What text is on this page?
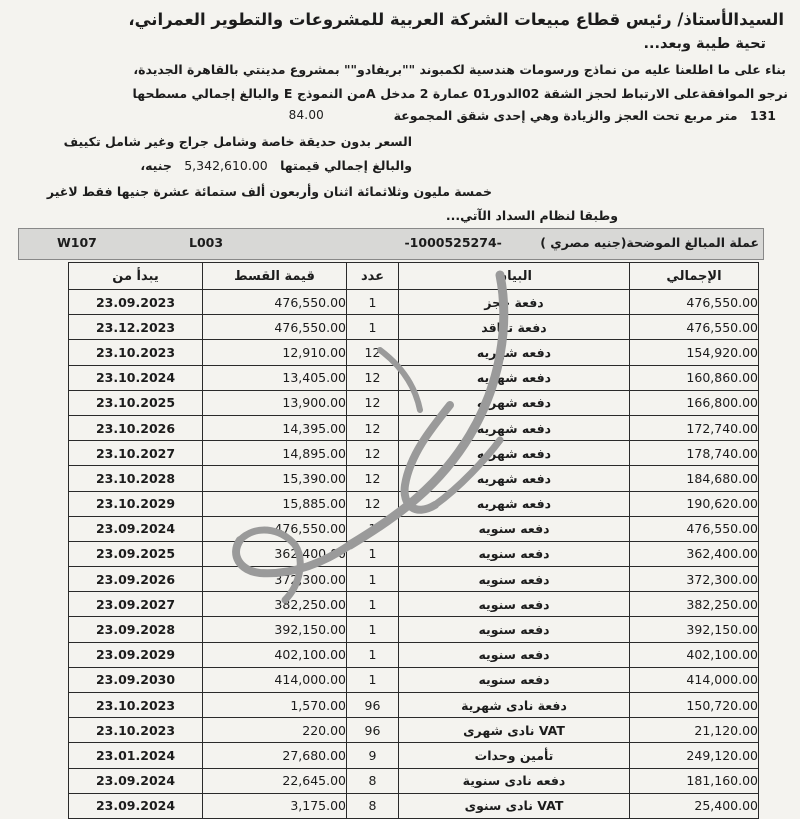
السيدالأستاذ/ رئيس قطاع مبيعات الشركة العربية للمشروعات والتطوير العمراني،
تحية طيبة وبعد...
بناء على ما اطلعنا عليه من نماذج ورسومات هندسية لكمبوند ""بريفادو"" بمشروع مدينتي بالقاهرة الجديدة،
نرجو الموافقةعلى الارتباط لحجز الشقة 02الدور01 عمارة 2 مدخل Aمن النموذج E والبالغ إجمالي مسطحها
131 متر مربع تحت العجز والزيادة وهي إحدى شقق المجموعة
84.00
السعر بدون حديقة خاصة وشامل جراج وغير شامل تكييف
والبالغ إجمالي قيمتها 5,342,610.00 جنيه،
خمسة مليون وثلاثمائة اثنان وأربعون ألف ستمائة عشرة جنيها فقط لاغير
وطبقا لنظام السداد الآتي...
W107	L003	عملة المبالغ الموضحة(جنيه مصري ) -1000525274-
يبدأ من	قيمة القسط	عدد	البيان	الإجمالي
23.09.2023	476,550.00	1	دفعة حجز	476,550.00
23.12.2023	476,550.00	1	دفعة تعاقد	476,550.00
23.10.2023	12,910.00	12	دفعه شهريه	154,920.00
23.10.2024	13,405.00	12	دفعه شهريه	160,860.00
23.10.2025	13,900.00	12	دفعه شهريه	166,800.00
23.10.2026	14,395.00	12	دفعه شهريه	172,740.00
23.10.2027	14,895.00	12	دفعه شهريه	178,740.00
23.10.2028	15,390.00	12	دفعه شهريه	184,680.00
23.10.2029	15,885.00	12	دفعه شهريه	190,620.00
23.09.2024	476,550.00	1	دفعه سنويه	476,550.00
23.09.2025	362,400.00	1	دفعه سنويه	362,400.00
23.09.2026	372,300.00	1	دفعه سنويه	372,300.00
23.09.2027	382,250.00	1	دفعه سنويه	382,250.00
23.09.2028	392,150.00	1	دفعه سنويه	392,150.00
23.09.2029	402,100.00	1	دفعه سنويه	402,100.00
23.09.2030	414,000.00	1	دفعه سنويه	414,000.00
23.10.2023	1,570.00	96	دفعة نادى شهرية	150,720.00
23.10.2023	220.00	96	VAT نادى شهرى	21,120.00
23.01.2024	27,680.00	9	تأمين وحدات	249,120.00
23.09.2024	22,645.00	8	دفعه نادى سنوية	181,160.00
23.09.2024	3,175.00	8	VAT نادى سنوى	25,400.00
